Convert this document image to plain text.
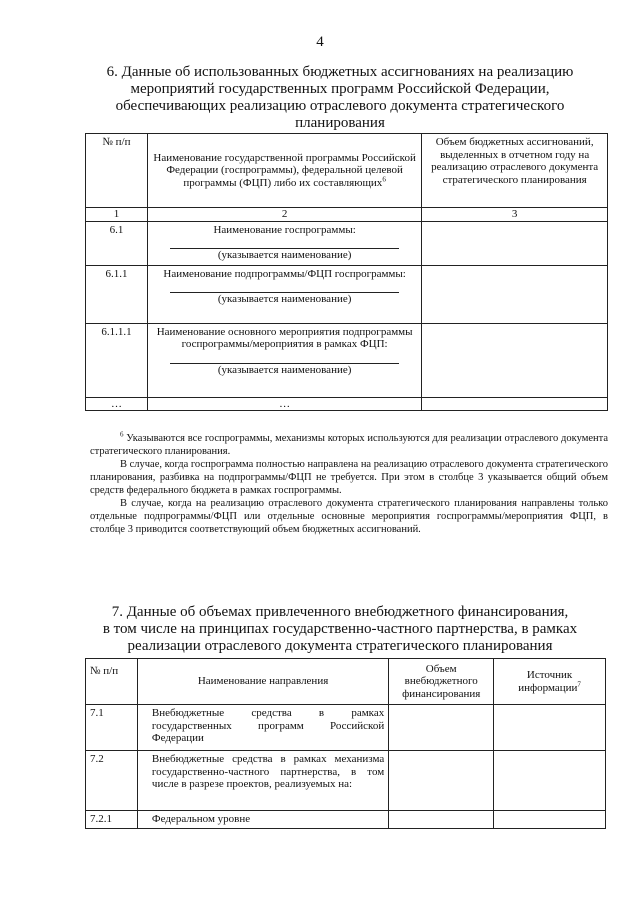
4
6. Данные об использованных бюджетных ассигнованиях на реализацию
мероприятий государственных программ Российской Федерации,
обеспечивающих реализацию отраслевого документа стратегического
планирования
№ п/п	Наименование государственной программы Российской Федерации (госпрограммы), федеральной целевой программы (ФЦП) либо их составляющих$^6$	Объем бюджетных ассигнований, выделенных в отчетном году на реализацию отраслевого документа стратегического планирования
1	2	3
6.1	Наименование госпрограммы:
(указывается наименование)	

6.1.1	Наименование подпрограммы/ФЦП госпрограммы:
(указывается наименование)	

6.1.1.1	Наименование основного мероприятия подпрограммы госпрограммы/мероприятия в рамках ФЦП:
(указывается наименование)	

…	…	

$^6$ Указываются все госпрограммы, механизмы которых используются для реализации отраслевого документа стратегического планирования.

В случае, когда госпрограмма полностью направлена на реализацию отраслевого документа стратегического планирования, разбивка на подпрограммы/ФЦП не требуется. При этом в столбце 3 указывается общий объем средств федерального бюджета в рамках госпрограммы.

В случае, когда на реализацию отраслевого документа стратегического планирования направлены только отдельные подпрограммы/ФЦП или отдельные основные мероприятия госпрограммы/мероприятия ФЦП, в столбце 3 приводится соответствующий объем бюджетных ассигнований.

7. Данные об объемах привлеченного внебюджетного финансирования,
в том числе на принципах государственно-частного партнерства, в рамках
реализации отраслевого документа стратегического планирования
№ п/п	Наименование направления	Объем внебюджетного финансирования	Источник информации$^7$
7.1	Внебюджетные средства в рамках государственных программ Российской Федерации		
7.2	Внебюджетные средства в рамках механизма государственно-частного партнерства, в том числе в разрезе проектов, реализуемых на:		
7.2.1	Федеральном уровне		
